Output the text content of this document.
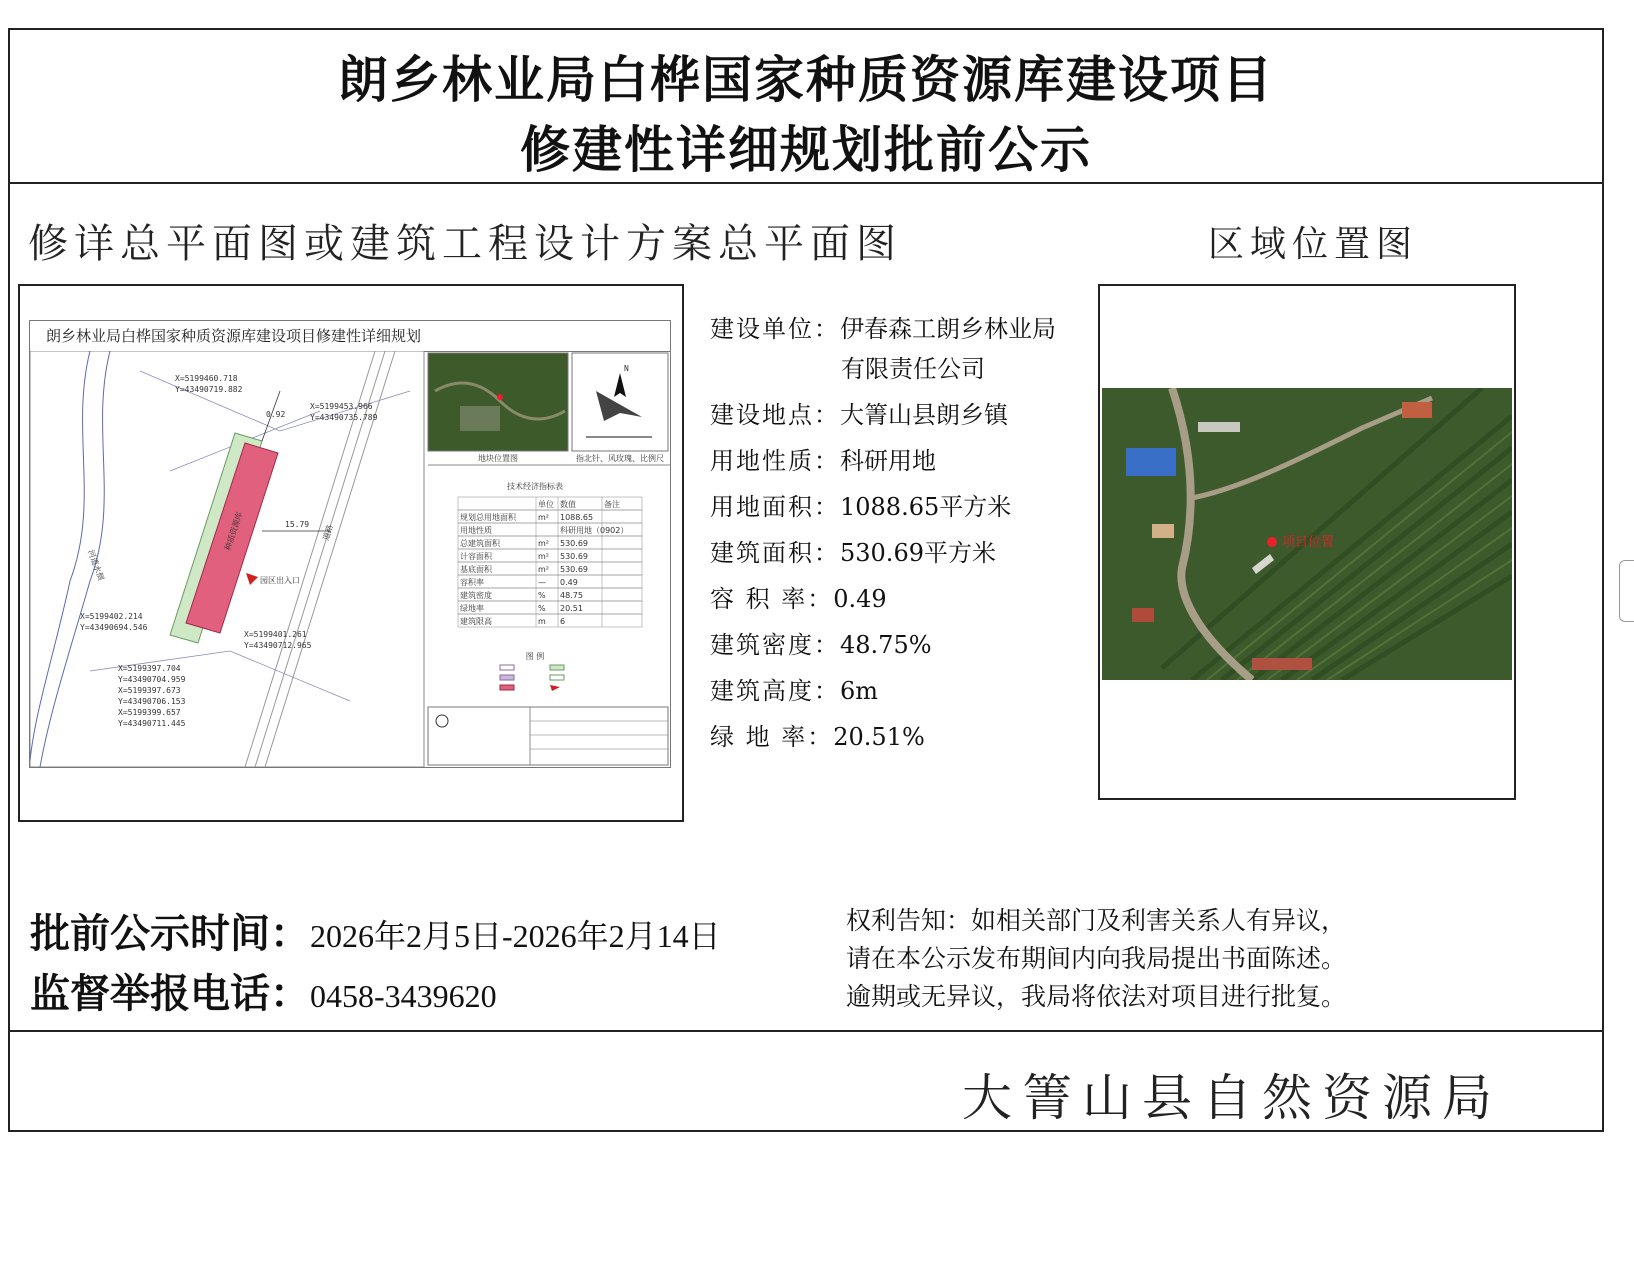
朗乡林业局白桦国家种质资源库建设项目
修建性详细规划批前公示
修详总平面图或建筑工程设计方案总平面图	区域位置图
朗乡林业局白桦国家种质资源库建设项目修建性详细规划
河道水侧
道路
种质资源库
0.92
15.79
园区出入口
X=5199460.718
Y=43490719.882
X=5199453.966
Y=43490735.789
X=5199402.214
Y=43490694.546
X=5199401.261
Y=43490712.965
X=5199397.704
Y=43490704.959
X=5199397.673
Y=43490706.153
X=5199399.657
Y=43490711.445
地块位置图
N
指北针、风玫瑰、比例尺
技术经济指标表
单位 数值	备注
规划总用地面积	m² 1088.65
用地性质	科研用地（0902）
总建筑面积	m² 530.69
计容面积	m² 530.69
基底面积	m² 530.69
容积率	— 0.49
建筑密度	% 48.75
绿地率	% 20.51
建筑限高	m 6
图 例
建设单位：伊春森工朗乡林业局
有限责任公司
建设地点：大箐山县朗乡镇
用地性质：科研用地
用地面积：1088.65平方米
建筑面积：530.69平方米
容 积 率：0.49
建筑密度：48.75%
建筑高度：6m
绿 地 率：20.51%
项目位置
批前公示时间：2026年2月5日-2026年2月14日
监督举报电话：0458-3439620
权利告知：如相关部门及利害关系人有异议，
请在本公示发布期间内向我局提出书面陈述。
逾期或无异议，我局将依法对项目进行批复。
大箐山县自然资源局
